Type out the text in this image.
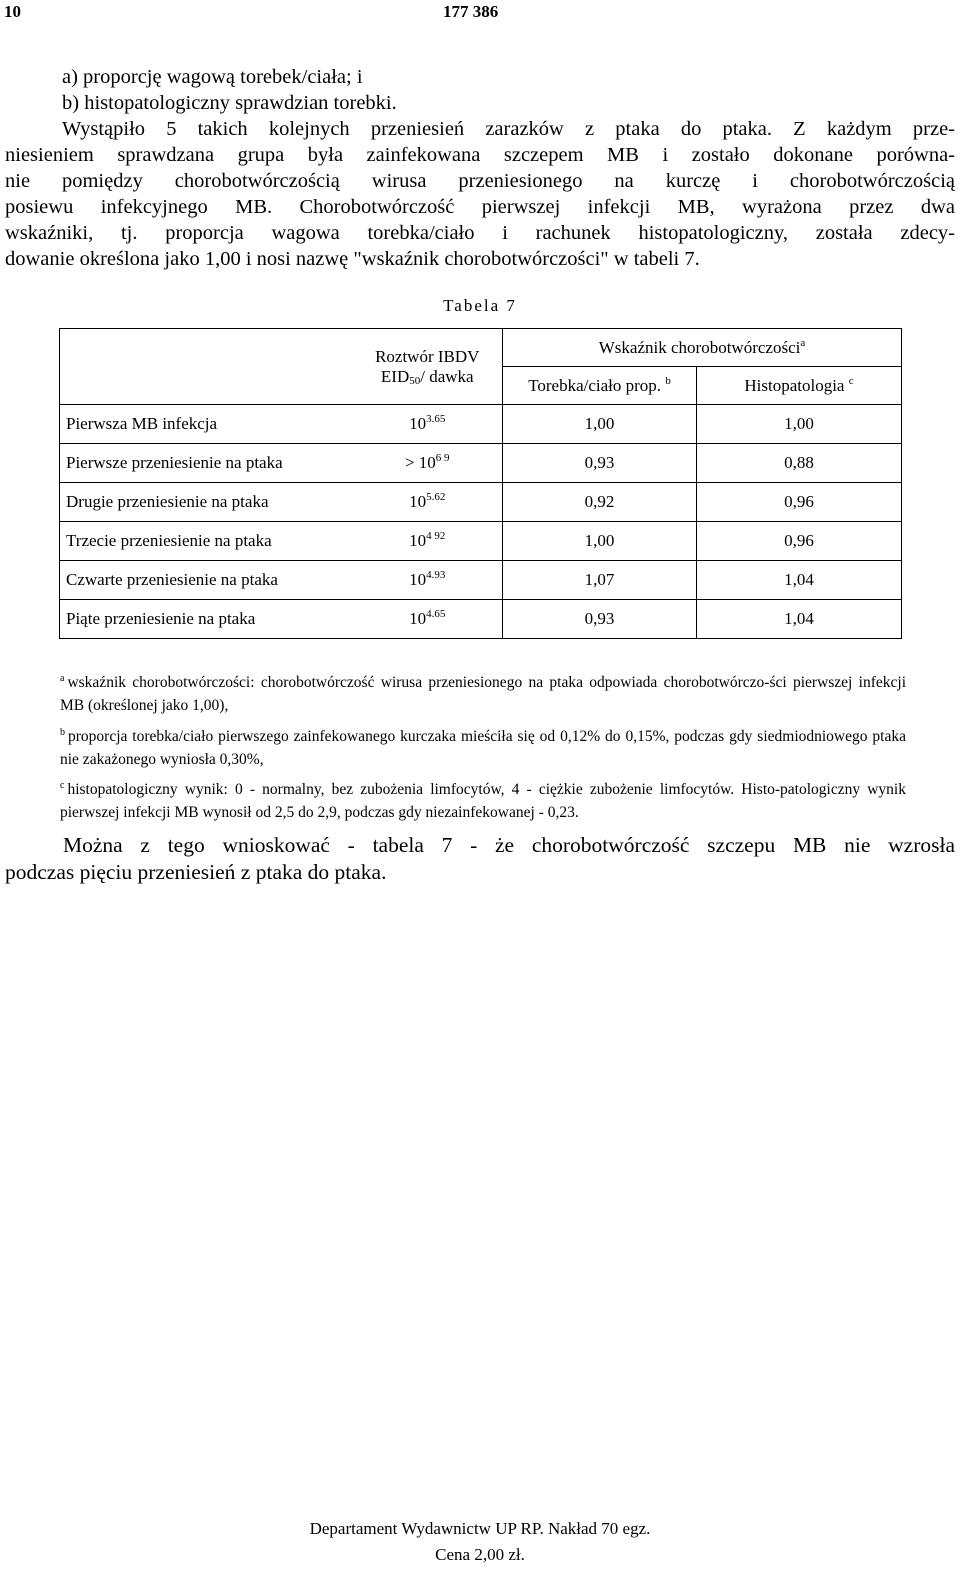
10	177 386
a) proporcję wagową torebek/ciała; i
b) histopatologiczny sprawdzian torebki.
Wystąpiło 5 takich kolejnych przeniesień zarazków z ptaka do ptaka. Z każdym prze-
niesieniem sprawdzana grupa była zainfekowana szczepem MB i zostało dokonane porówna-
nie pomiędzy chorobotwórczością wirusa przeniesionego na kurczę i chorobotwórczością
posiewu infekcyjnego MB. Chorobotwórczość pierwszej infekcji MB, wyrażona przez dwa
wskaźniki, tj. proporcja wagowa torebka/ciało i rachunek histopatologiczny, została zdecy-
dowanie określona jako 1,00 i nosi nazwę "wskaźnik chorobotwórczości" w tabeli 7.
Tabela 7
	Roztwór IBDV	Wskaźnik chorobotwórczości$^a$
	$EID_{50}/$ dawka	Torebka/ciało prop. $^b$	Histopatologia $^c$
Pierwsza MB infekcja	$10^{3.65}$	1,00	1,00
Pierwsze przeniesienie na ptaka	> $10^{6 9}$	0,93	0,88
Drugie przeniesienie na ptaka	$10^{5.62}$	0,92	0,96
Trzecie przeniesienie na ptaka	$10^{4 92}$	1,00	0,96
Czwarte przeniesienie na ptaka	$10^{4.93}$	1,07	1,04
Piąte przeniesienie na ptaka	$10^{4.65}$	0,93	1,04
$^a$ wskaźnik chorobotwórczości: chorobotwórczość wirusa przeniesionego na ptaka odpowiada chorobotwórczo-ści pierwszej infekcji MB (określonej jako 1,00),
$^b$ proporcja torebka/ciało pierwszego zainfekowanego kurczaka mieściła się od 0,12% do 0,15%, podczas gdy siedmiodniowego ptaka nie zakażonego wyniosła 0,30%,
$^c$ histopatologiczny wynik: 0 - normalny, bez zubożenia limfocytów, 4 - ciężkie zubożenie limfocytów. Histo-patologiczny wynik pierwszej infekcji MB wynosił od 2,5 do 2,9, podczas gdy niezainfekowanej - 0,23.
Można z tego wnioskować - tabela 7 - że chorobotwórczość szczepu MB nie wzrosła
podczas pięciu przeniesień z ptaka do ptaka.
Departament Wydawnictw UP RP. Nakład 70 egz.
Cena 2,00 zł.
